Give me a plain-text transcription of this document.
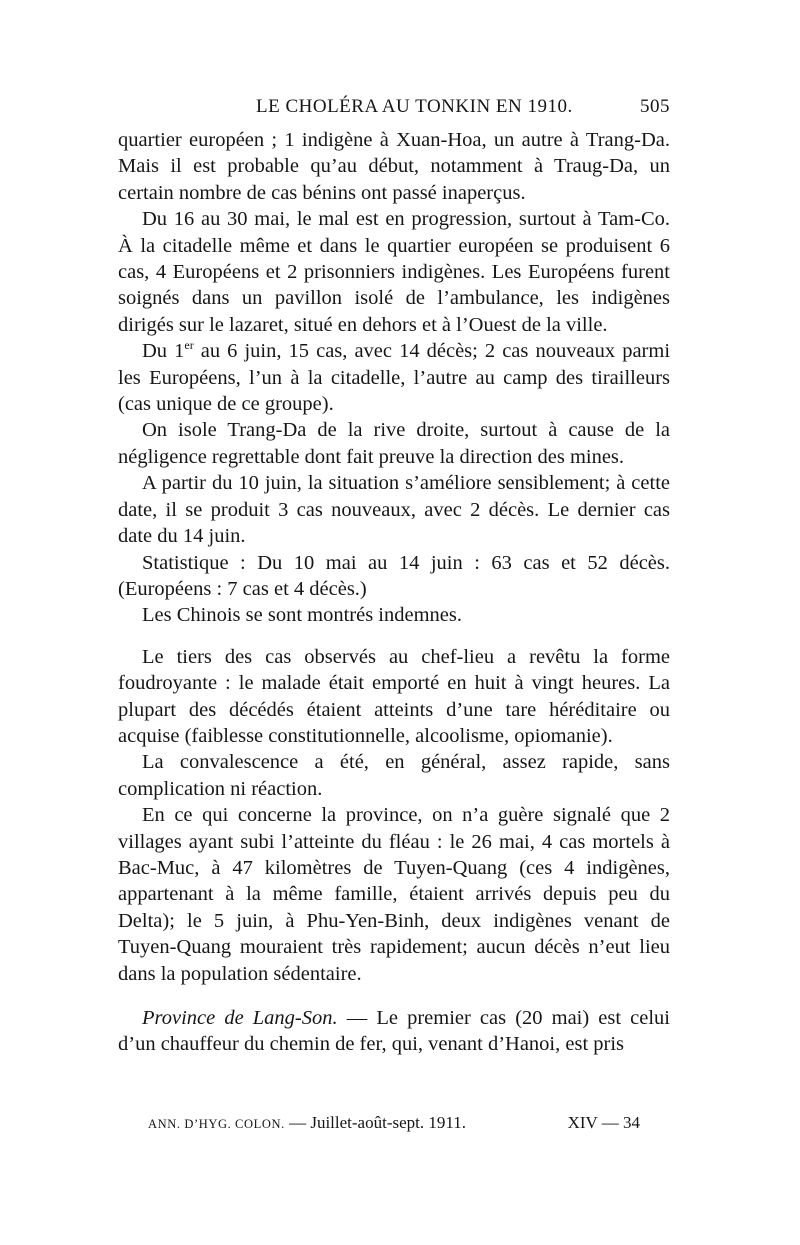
LE CHOLÉRA AU TONKIN EN 1910.	505

quartier européen ; 1 indigène à Xuan-Hoa, un autre à Trang-Da. Mais il est probable qu’au début, notamment à Traug-Da, un certain nombre de cas bénins ont passé inaperçus.

Du 16 au 30 mai, le mal est en progression, surtout à Tam-Co. À la citadelle même et dans le quartier européen se produisent 6 cas, 4 Européens et 2 prisonniers indigènes. Les Européens furent soignés dans un pavillon isolé de l’ambulance, les indigènes dirigés sur le lazaret, situé en dehors et à l’Ouest de la ville.

Du 1er au 6 juin, 15 cas, avec 14 décès; 2 cas nouveaux parmi les Européens, l’un à la citadelle, l’autre au camp des tirailleurs (cas unique de ce groupe).

On isole Trang-Da de la rive droite, surtout à cause de la négligence regrettable dont fait preuve la direction des mines.

A partir du 10 juin, la situation s’améliore sensiblement; à cette date, il se produit 3 cas nouveaux, avec 2 décès. Le dernier cas date du 14 juin.

Statistique : Du 10 mai au 14 juin : 63 cas et 52 décès. (Européens : 7 cas et 4 décès.)

Les Chinois se sont montrés indemnes.

Le tiers des cas observés au chef-lieu a revêtu la forme foudroyante : le malade était emporté en huit à vingt heures. La plupart des décédés étaient atteints d’une tare héréditaire ou acquise (faiblesse constitutionnelle, alcoolisme, opiomanie).

La convalescence a été, en général, assez rapide, sans complication ni réaction.

En ce qui concerne la province, on n’a guère signalé que 2 villages ayant subi l’atteinte du fléau : le 26 mai, 4 cas mortels à Bac-Muc, à 47 kilomètres de Tuyen-Quang (ces 4 indigènes, appartenant à la même famille, étaient arrivés depuis peu du Delta); le 5 juin, à Phu-Yen-Binh, deux indigènes venant de Tuyen-Quang mouraient très rapidement; aucun décès n’eut lieu dans la population sédentaire.

Province de Lang-Son. — Le premier cas (20 mai) est celui d’un chauffeur du chemin de fer, qui, venant d’Hanoi, est pris

ANN. D’HYG. COLON. — Juillet-août-sept. 1911.	XIV — 34
